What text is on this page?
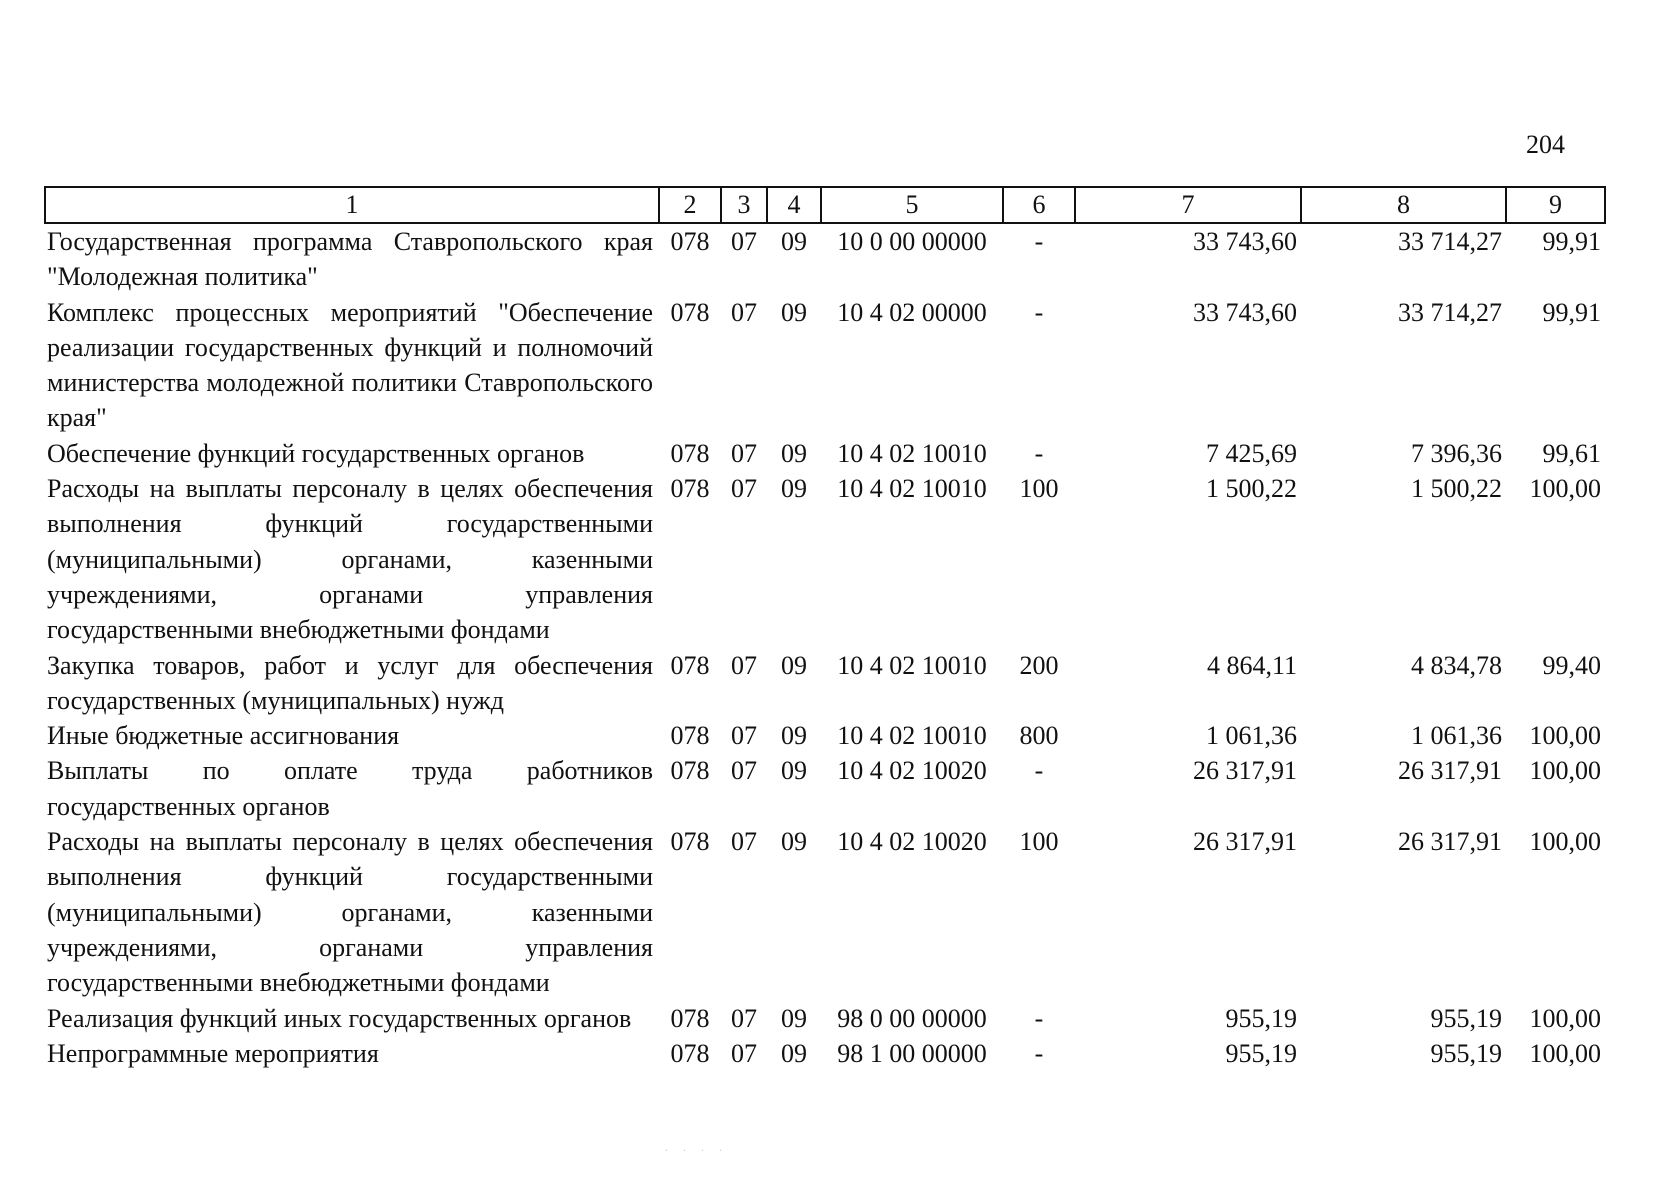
204
1	2	3	4	5	6	7	8	9
Государственная программа Ставропольского края "Молодежная политика"	078	07	09	10 0 00 00000	-	33 743,60	33 714,27	99,91
Комплекс процессных мероприятий "Обеспечение реализации государственных функций и полномочий министерства молодежной политики Ставропольского края"	078	07	09	10 4 02 00000	-	33 743,60	33 714,27	99,91
Обеспечение функций государственных органов	078	07	09	10 4 02 10010	-	7 425,69	7 396,36	99,61
Расходы на выплаты персоналу в целях обеспечения выполнения функций государственными (муниципальными) органами, казенными учреждениями, органами управления государственными внебюджетными фондами	078	07	09	10 4 02 10010	100	1 500,22	1 500,22	100,00
Закупка товаров, работ и услуг для обеспечения государственных (муниципальных) нужд	078	07	09	10 4 02 10010	200	4 864,11	4 834,78	99,40
Иные бюджетные ассигнования	078	07	09	10 4 02 10010	800	1 061,36	1 061,36	100,00
Выплаты по оплате труда работников государственных органов	078	07	09	10 4 02 10020	-	26 317,91	26 317,91	100,00
Расходы на выплаты персоналу в целях обеспечения выполнения функций государственными (муниципальными) органами, казенными учреждениями, органами управления государственными внебюджетными фондами	078	07	09	10 4 02 10020	100	26 317,91	26 317,91	100,00
Реализация функций иных государственных органов	078	07	09	98 0 00 00000	-	955,19	955,19	100,00
Непрограммные мероприятия	078	07	09	98 1 00 00000	-	955,19	955,19	100,00
. . . .
